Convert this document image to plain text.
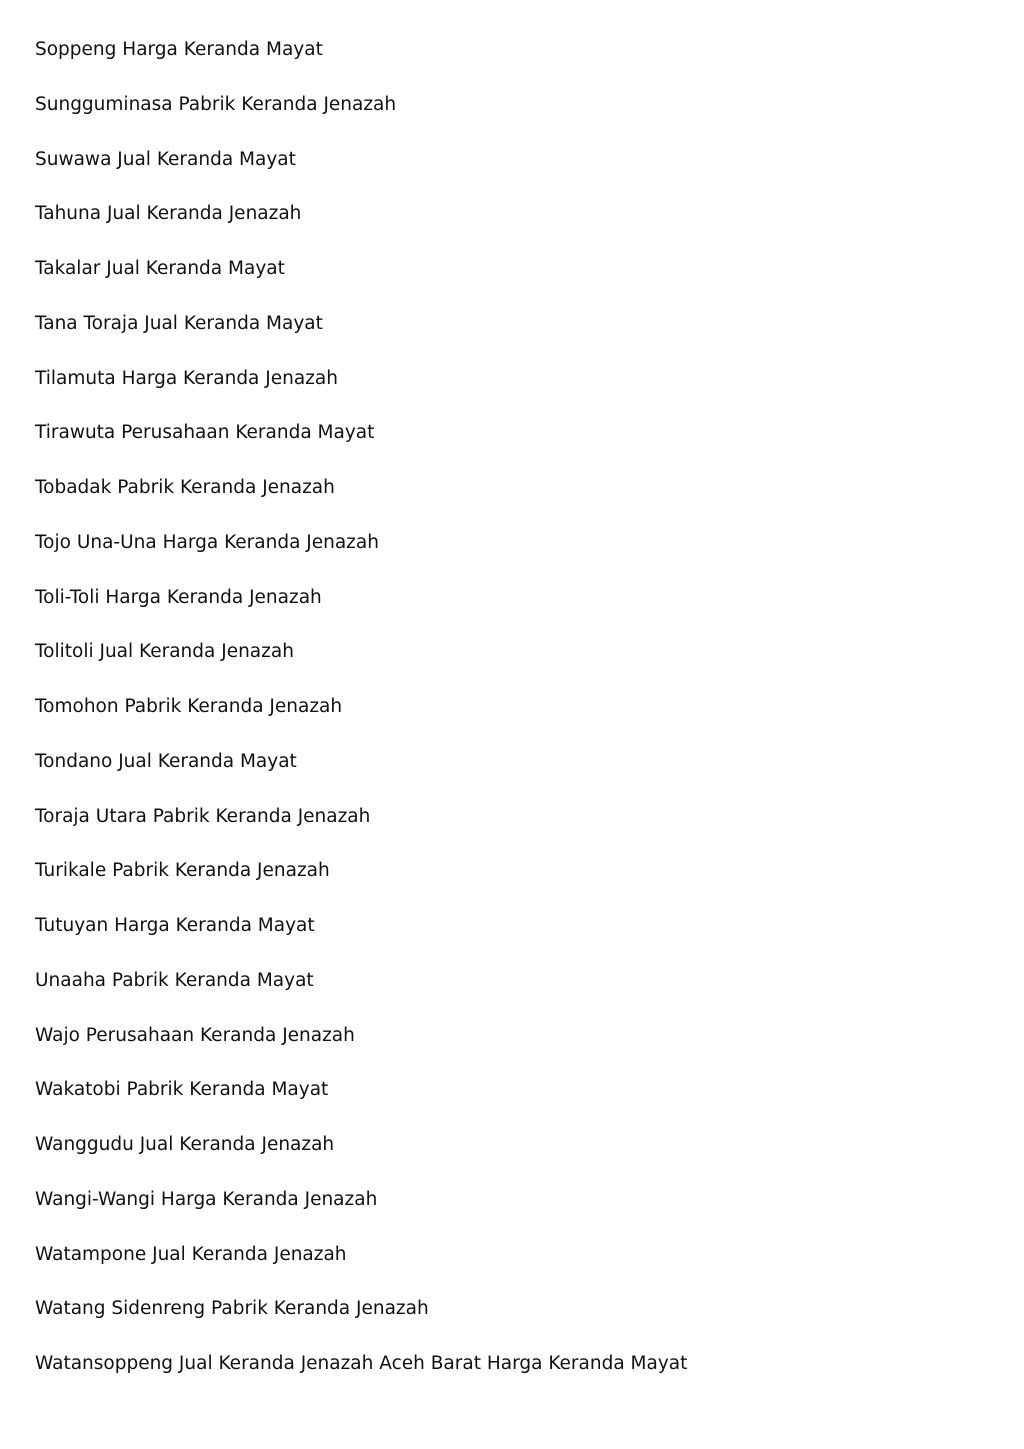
Soppeng Harga Keranda Mayat
Sungguminasa Pabrik Keranda Jenazah
Suwawa Jual Keranda Mayat
Tahuna Jual Keranda Jenazah
Takalar Jual Keranda Mayat
Tana Toraja Jual Keranda Mayat
Tilamuta Harga Keranda Jenazah
Tirawuta Perusahaan Keranda Mayat
Tobadak Pabrik Keranda Jenazah
Tojo Una-Una Harga Keranda Jenazah
Toli-Toli Harga Keranda Jenazah
Tolitoli Jual Keranda Jenazah
Tomohon Pabrik Keranda Jenazah
Tondano Jual Keranda Mayat
Toraja Utara Pabrik Keranda Jenazah
Turikale Pabrik Keranda Jenazah
Tutuyan Harga Keranda Mayat
Unaaha Pabrik Keranda Mayat
Wajo Perusahaan Keranda Jenazah
Wakatobi Pabrik Keranda Mayat
Wanggudu Jual Keranda Jenazah
Wangi-Wangi Harga Keranda Jenazah
Watampone Jual Keranda Jenazah
Watang Sidenreng Pabrik Keranda Jenazah
Watansoppeng Jual Keranda Jenazah Aceh Barat Harga Keranda Mayat
